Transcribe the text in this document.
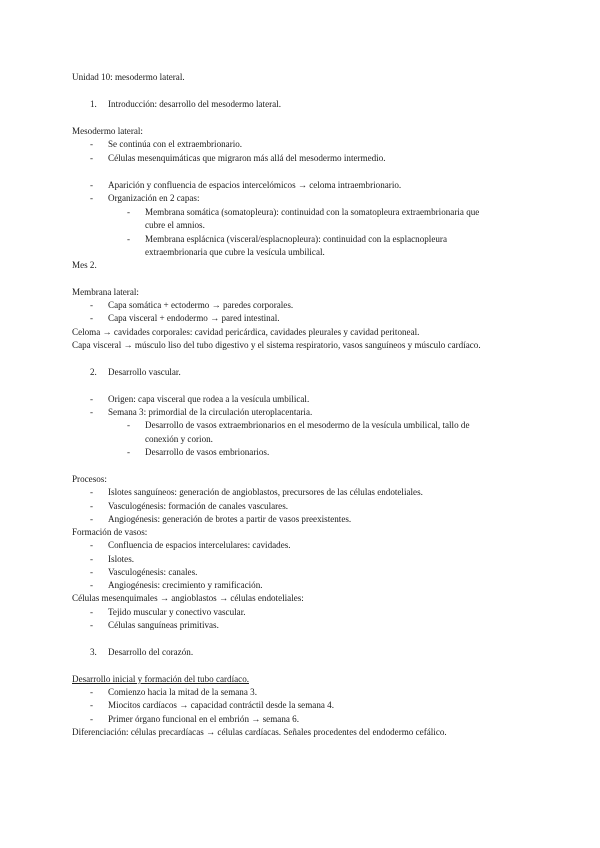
Unidad 10: mesodermo lateral.
1. Introducción: desarrollo del mesodermo lateral.
Mesodermo lateral:
- Se continúa con el extraembrionario.
- Células mesenquimáticas que migraron más allá del mesodermo intermedio.
- Aparición y confluencia de espacios intercelómicos → celoma intraembrionario.
- Organización en 2 capas:
- Membrana somática (somatopleura): continuidad con la somatopleura extraembrionaria que
cubre el amnios.
- Membrana esplácnica (visceral/esplacnopleura): continuidad con la esplacnopleura
extraembrionaria que cubre la vesícula umbilical.
Mes 2.
Membrana lateral:
- Capa somática + ectodermo → paredes corporales.
- Capa visceral + endodermo → pared intestinal.
Celoma → cavidades corporales: cavidad pericárdica, cavidades pleurales y cavidad peritoneal.
Capa visceral → músculo liso del tubo digestivo y el sistema respiratorio, vasos sanguíneos y músculo cardíaco.
2. Desarrollo vascular.
- Origen: capa visceral que rodea a la vesícula umbilical.
- Semana 3: primordial de la circulación uteroplacentaria.
- Desarrollo de vasos extraembrionarios en el mesodermo de la vesícula umbilical, tallo de
conexión y corion.
- Desarrollo de vasos embrionarios.
Procesos:
- Islotes sanguíneos: generación de angioblastos, precursores de las células endoteliales.
- Vasculogénesis: formación de canales vasculares.
- Angiogénesis: generación de brotes a partir de vasos preexistentes.
Formación de vasos:
- Confluencia de espacios intercelulares: cavidades.
- Islotes.
- Vasculogénesis: canales.
- Angiogénesis: crecimiento y ramificación.
Células mesenquimales → angioblastos → células endoteliales:
- Tejido muscular y conectivo vascular.
- Células sanguíneas primitivas.
3. Desarrollo del corazón.
Desarrollo inicial y formación del tubo cardíaco.
- Comienzo hacia la mitad de la semana 3.
- Miocitos cardíacos → capacidad contráctil desde la semana 4.
- Primer órgano funcional en el embrión → semana 6.
Diferenciación: células precardíacas → células cardíacas. Señales procedentes del endodermo cefálico.
